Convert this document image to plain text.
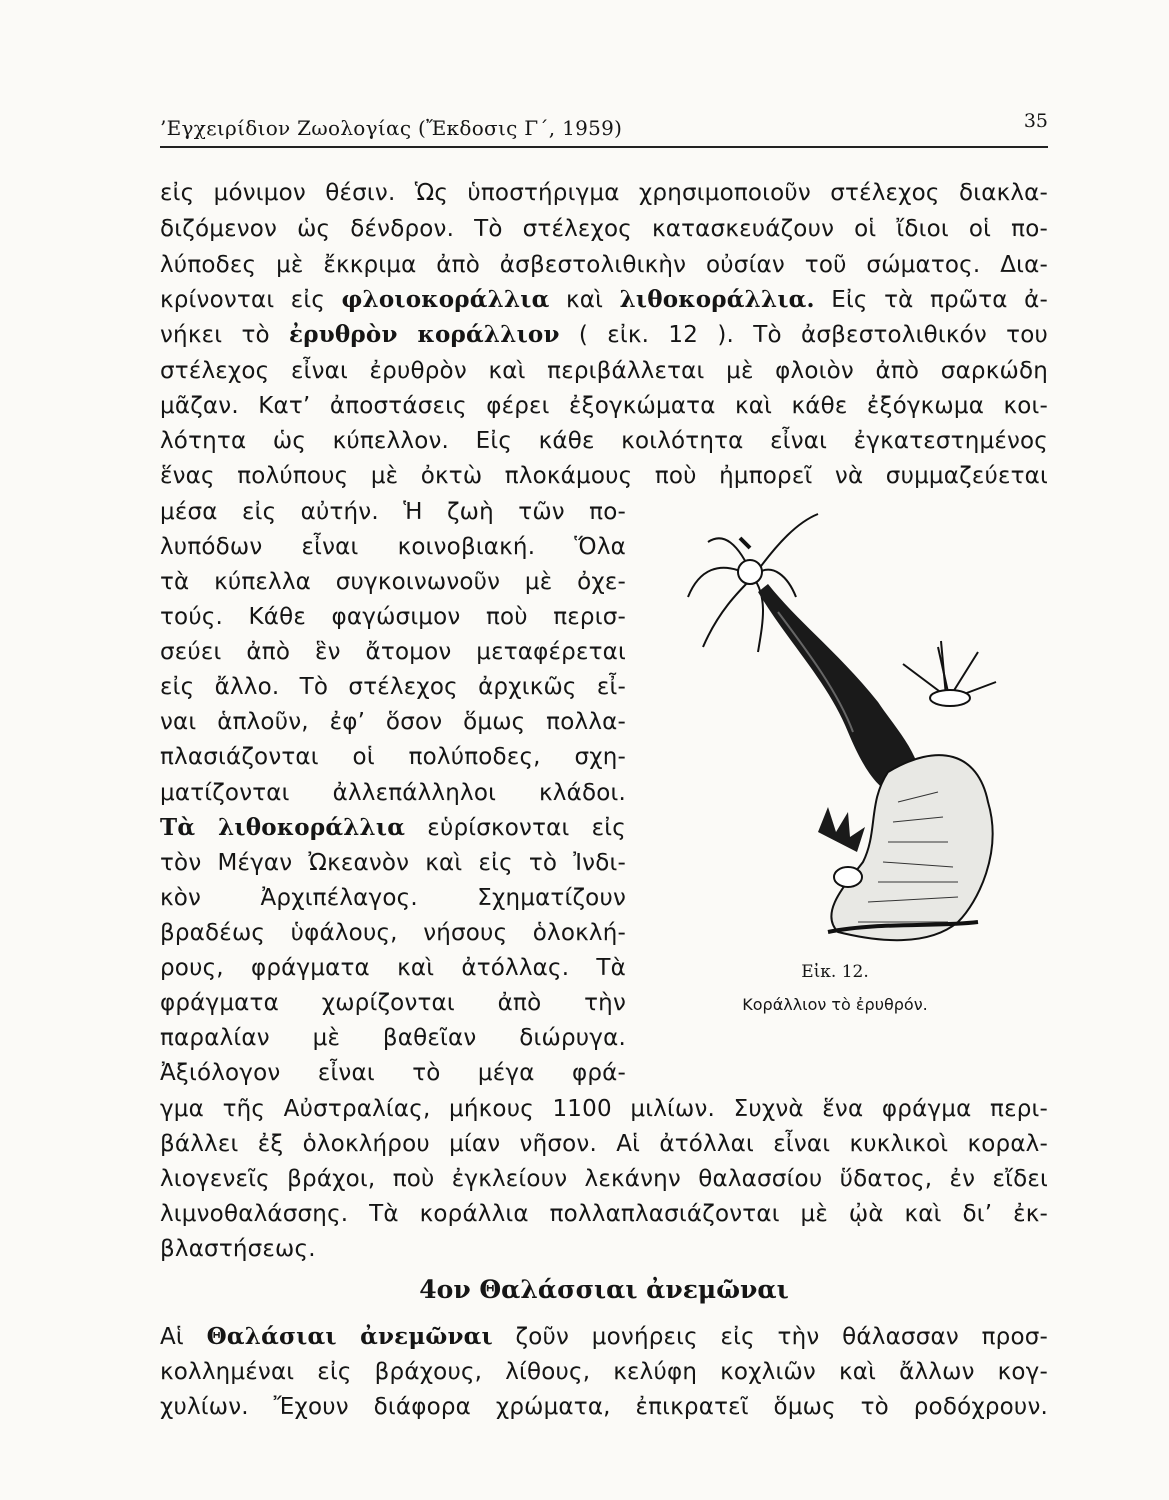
’Εγχειρίδιον Ζωολογίας (Ἔκδοσις Γ΄, 1959)	35
εἰς μόνιμον θέσιν. Ὡς ὑποστήριγμα χρησιμοποιοῦν στέλεχος διακλα-
διζόμενον ὡς δένδρον. Τὸ στέλεχος κατασκευάζουν οἱ ἴδιοι οἱ πο-
λύποδες μὲ ἔκκριμα ἀπὸ ἀσβεστολιθικὴν οὐσίαν τοῦ σώματος. Δια-
κρίνονται εἰς φλοιοκοράλλια καὶ λιθοκοράλλια. Εἰς τὰ πρῶτα ἀ-
νήκει τὸ ἐρυθρὸν κοράλλιον ( εἰκ. 12 ). Τὸ ἀσβεστολιθικόν του
στέλεχος εἶναι ἐρυθρὸν καὶ περιβάλλεται μὲ φλοιὸν ἀπὸ σαρκώδη
μᾶζαν. Κατ’ ἀποστάσεις φέρει ἐξογκώματα καὶ κάθε ἐξόγκωμα κοι-
λότητα ὡς κύπελλον. Εἰς κάθε κοιλότητα εἶναι ἐγκατεστημένος
ἕνας πολύπους μὲ ὀκτὼ πλοκάμους ποὺ ἠμπορεῖ νὰ συμμαζεύεται
μέσα εἰς αὐτήν. Ἡ ζωὴ τῶν πο-
λυπόδων εἶναι κοινοβιακή. Ὅλα
τὰ κύπελλα συγκοινωνοῦν μὲ ὀχε-
τούς. Κάθε φαγώσιμον ποὺ περισ-
σεύει ἀπὸ ἓν ἄτομον μεταφέρεται
εἰς ἄλλο. Τὸ στέλεχος ἀρχικῶς εἶ-
ναι ἁπλοῦν, ἐφ’ ὅσον ὅμως πολλα-
πλασιάζονται οἱ πολύποδες, σχη-
ματίζονται ἀλλεπάλληλοι κλάδοι.
Τὰ λιθοκοράλλια εὑρίσκονται εἰς
τὸν Μέγαν Ὠκεανὸν καὶ εἰς τὸ Ἰνδι-
κὸν Ἀρχιπέλαγος. Σχηματίζουν
βραδέως ὑφάλους, νήσους ὁλοκλή-
ρους, φράγματα καὶ ἀτόλλας. Τὰ
φράγματα χωρίζονται ἀπὸ τὴν
παραλίαν μὲ βαθεῖαν διώρυγα.
Ἀξιόλογον εἶναι τὸ μέγα φρά-
Εἰκ. 12.
Κοράλλιον τὸ ἐρυθρόν.
γμα τῆς Αὐστραλίας, μήκους 1100 μιλίων. Συχνὰ ἕνα φράγμα περι-
βάλλει ἐξ ὁλοκλήρου μίαν νῆσον. Αἱ ἀτόλλαι εἶναι κυκλικοὶ κοραλ-
λιογενεῖς βράχοι, ποὺ ἐγκλείουν λεκάνην θαλασσίου ὕδατος, ἐν εἴδει
λιμνοθαλάσσης. Τὰ κοράλλια πολλαπλασιάζονται μὲ ᾠὰ καὶ δι’ ἐκ-
βλαστήσεως.
4ον Θαλάσσιαι ἀνεμῶναι
Αἱ Θαλάσιαι ἀνεμῶναι ζοῦν μονήρεις εἰς τὴν θάλασσαν προσ-
κολλημέναι εἰς βράχους, λίθους, κελύφη κοχλιῶν καὶ ἄλλων κογ-
χυλίων. Ἔχουν διάφορα χρώματα, ἐπικρατεῖ ὅμως τὸ ροδόχρουν.
